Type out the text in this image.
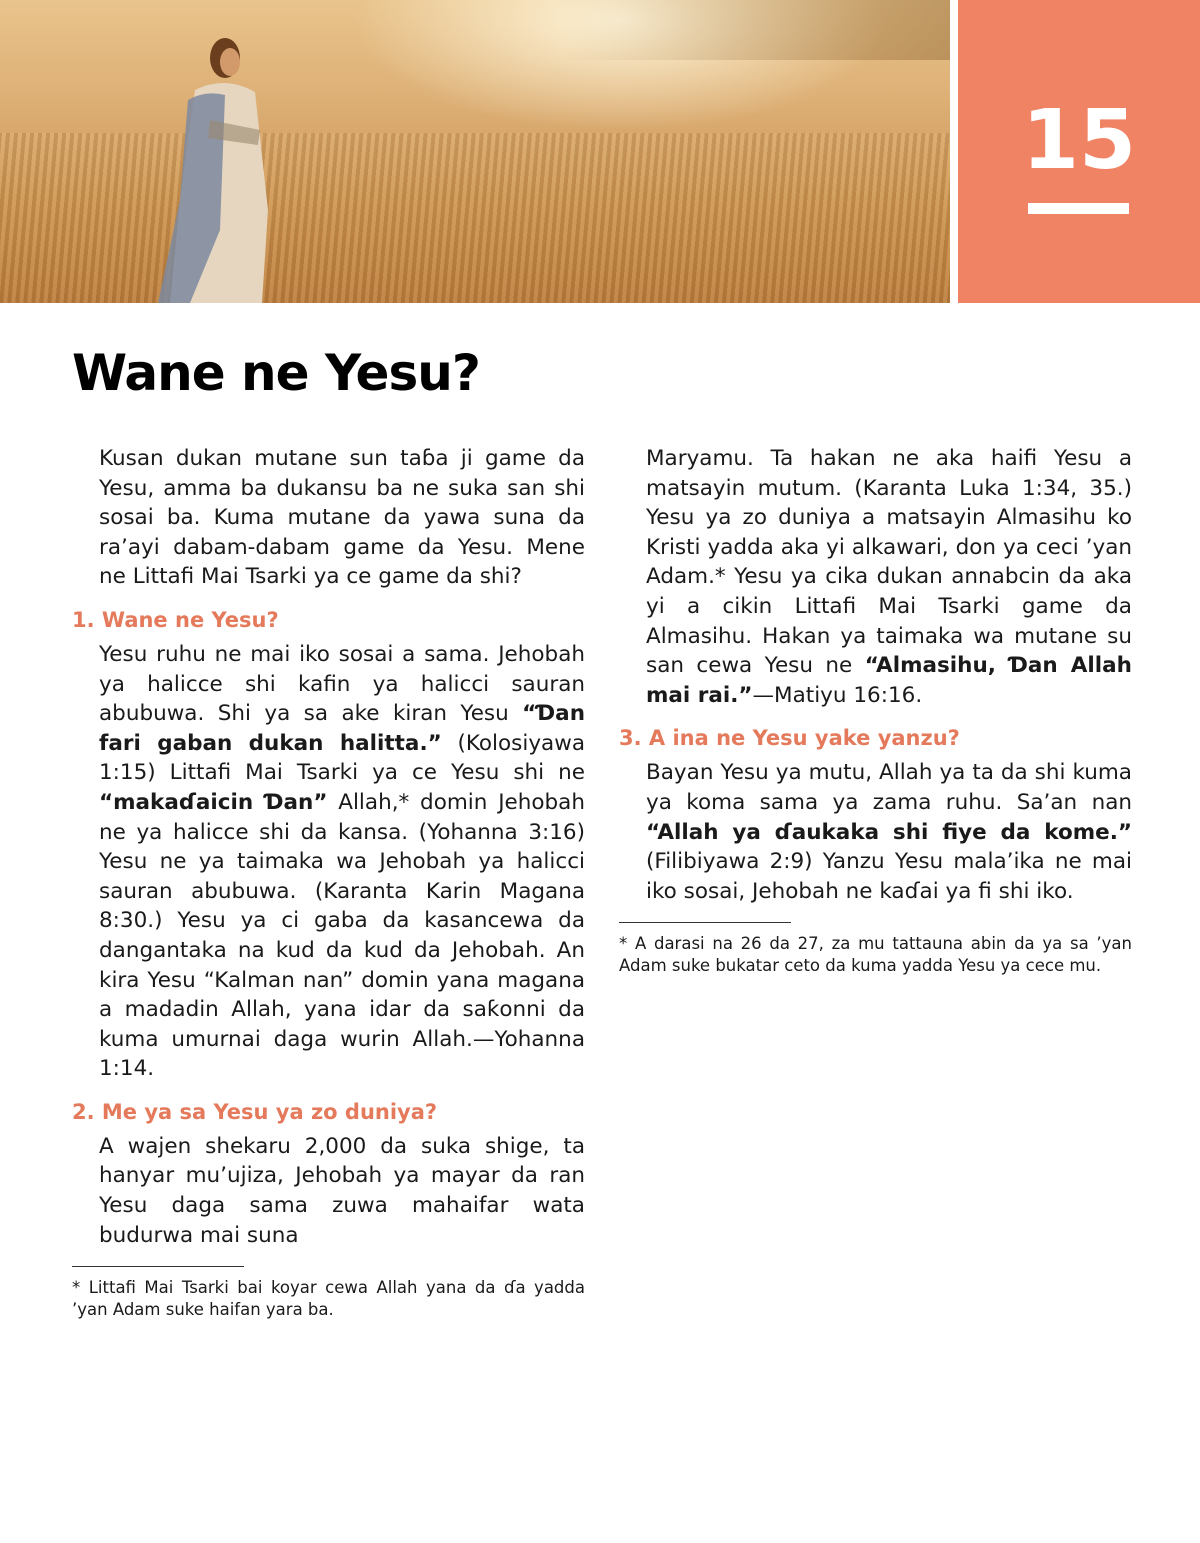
15
Wane ne Yesu?

Kusan dukan mutane sun taɓa ji game da Yesu, amma ba dukansu ba ne suka san shi sosai ba. Kuma mutane da yawa suna da ra’ayi dabam-dabam game da Yesu. Mene ne Littafi Mai Tsarki ya ce game da shi?

1. Wane ne Yesu?

Yesu ruhu ne mai iko sosai a sama. Jehobah ya halicce shi kafin ya halicci sauran abubuwa. Shi ya sa ake kiran Yesu “Ɗan fari gaban dukan halitta.” (Kolosiyawa 1:15) Littafi Mai Tsarki ya ce Yesu shi ne “makaɗaicin Ɗan” Allah,* domin Jehobah ne ya halicce shi da kansa. (Yohanna 3:16) Yesu ne ya taimaka wa Jehobah ya halicci sauran abubuwa. (Karanta Karin Magana 8:30.) Yesu ya ci gaba da kasancewa da dangantaka na kud da kud da Jehobah. An kira Yesu “Kalman nan” domin yana magana a madadin Allah, yana idar da saƙonni da kuma umurnai daga wurin Allah.—Yohanna 1:14.

2. Me ya sa Yesu ya zo duniya?

A wajen shekaru 2,000 da suka shige, ta hanyar mu’ujiza, Jehobah ya mayar da ran Yesu daga sama zuwa mahaifar wata budurwa mai suna

* Littafi Mai Tsarki bai koyar cewa Allah yana da ɗa yadda ’yan Adam suke haifan yara ba.

Maryamu. Ta hakan ne aka haifi Yesu a matsayin mutum. (Karanta Luka 1:34, 35.) Yesu ya zo duniya a matsayin Almasihu ko Kristi yadda aka yi alkawari, don ya ceci ’yan Adam.* Yesu ya cika dukan annabcin da aka yi a cikin Littafi Mai Tsarki game da Almasihu. Hakan ya taimaka wa mutane su san cewa Yesu ne “Almasihu, Ɗan Allah mai rai.”—Matiyu 16:16.

3. A ina ne Yesu yake yanzu?

Bayan Yesu ya mutu, Allah ya ta da shi kuma ya koma sama ya zama ruhu. Sa’an nan “Allah ya ɗaukaka shi fiye da kome.” (Filibiyawa 2:9) Yanzu Yesu mala’ika ne mai iko sosai, Jehobah ne kaɗai ya fi shi iko.

* A darasi na 26 da 27, za mu tattauna abin da ya sa ’yan Adam suke bukatar ceto da kuma yadda Yesu ya cece mu.
